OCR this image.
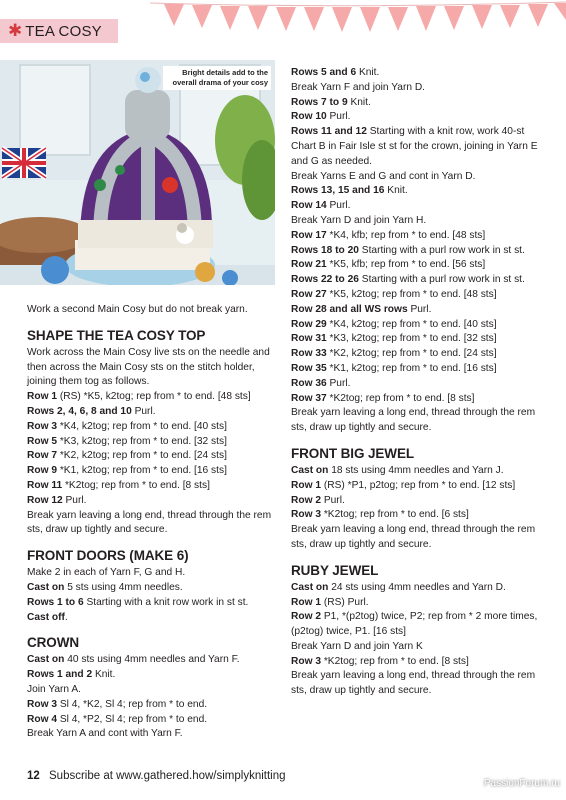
✱ TEA COSY
Bright details add to the
overall drama of your cosy

Work a second Main Cosy but do not break yarn.

SHAPE THE TEA COSY TOP

Work across the Main Cosy live sts on the needle and then across the Main Cosy sts on the stitch holder, joining them tog as follows.

Row 1 (RS) *K5, k2tog; rep from * to end. [48 sts]

Rows 2, 4, 6, 8 and 10 Purl.

Row 3 *K4, k2tog; rep from * to end. [40 sts]

Row 5 *K3, k2tog; rep from * to end. [32 sts]

Row 7 *K2, k2tog; rep from * to end. [24 sts]

Row 9 *K1, k2tog; rep from * to end. [16 sts]

Row 11 *K2tog; rep from * to end. [8 sts]

Row 12 Purl.

Break yarn leaving a long end, thread through the rem sts, draw up tightly and secure.

FRONT DOORS (MAKE 6)

Make 2 in each of Yarn F, G and H.

Cast on 5 sts using 4mm needles.

Rows 1 to 6 Starting with a knit row work in st st.

Cast off.

CROWN

Cast on 40 sts using 4mm needles and Yarn F.

Rows 1 and 2 Knit.

Join Yarn A.

Row 3 Sl 4, *K2, Sl 4; rep from * to end.

Row 4 Sl 4, *P2, Sl 4; rep from * to end.

Break Yarn A and cont with Yarn F.

Rows 5 and 6 Knit.

Break Yarn F and join Yarn D.

Rows 7 to 9 Knit.

Row 10 Purl.

Rows 11 and 12 Starting with a knit row, work 40-st Chart B in Fair Isle st st for the crown, joining in Yarn E and G as needed.

Break Yarns E and G and cont in Yarn D.

Rows 13, 15 and 16 Knit.

Row 14 Purl.

Break Yarn D and join Yarn H.

Row 17 *K4, kfb; rep from * to end. [48 sts]

Rows 18 to 20 Starting with a purl row work in st st.

Row 21 *K5, kfb; rep from * to end. [56 sts]

Rows 22 to 26 Starting with a purl row work in st st.

Row 27 *K5, k2tog; rep from * to end. [48 sts]

Row 28 and all WS rows Purl.

Row 29 *K4, k2tog; rep from * to end. [40 sts]

Row 31 *K3, k2tog; rep from * to end. [32 sts]

Row 33 *K2, k2tog; rep from * to end. [24 sts]

Row 35 *K1, k2tog; rep from * to end. [16 sts]

Row 36 Purl.

Row 37 *K2tog; rep from * to end. [8 sts]

Break yarn leaving a long end, thread through the rem sts, draw up tightly and secure.

FRONT BIG JEWEL

Cast on 18 sts using 4mm needles and Yarn J.

Row 1 (RS) *P1, p2tog; rep from * to end. [12 sts]

Row 2 Purl.

Row 3 *K2tog; rep from * to end. [6 sts]

Break yarn leaving a long end, thread through the rem sts, draw up tightly and secure.

RUBY JEWEL

Cast on 24 sts using 4mm needles and Yarn D.

Row 1 (RS) Purl.

Row 2 P1, *(p2tog) twice, P2; rep from * 2 more times, (p2tog) twice, P1. [16 sts]

Break Yarn D and join Yarn K

Row 3 *K2tog; rep from * to end. [8 sts]

Break yarn leaving a long end, thread through the rem sts, draw up tightly and secure.

12 Subscribe at www.gathered.how/simplyknitting
PassionForum.ru
